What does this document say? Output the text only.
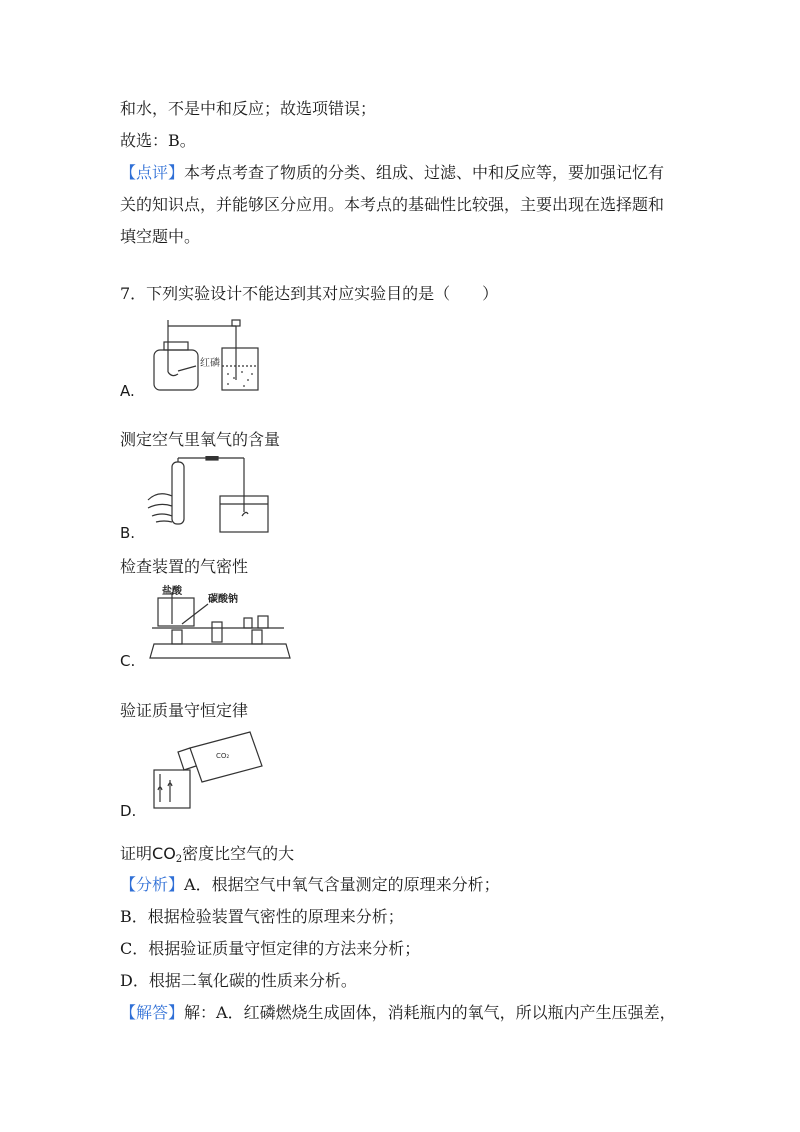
和水，不是中和反应；故选项错误；
故选：B。
【点评】本考点考查了物质的分类、组成、过滤、中和反应等，要加强记忆有
关的知识点，并能够区分应用。本考点的基础性比较强，主要出现在选择题和
填空题中。
7．下列实验设计不能达到其对应实验目的是（　　）
红磷
A.
测定空气里氧气的含量
B.
检查装置的气密性
盐酸
碳酸钠
C.
验证质量守恒定律
CO₂
D.
证明$CO_2$密度比空气的大
【分析】A．根据空气中氧气含量测定的原理来分析；
B．根据检验装置气密性的原理来分析；
C．根据验证质量守恒定律的方法来分析；
D．根据二氧化碳的性质来分析。
【解答】解：A．红磷燃烧生成固体，消耗瓶内的氧气，所以瓶内产生压强差，
